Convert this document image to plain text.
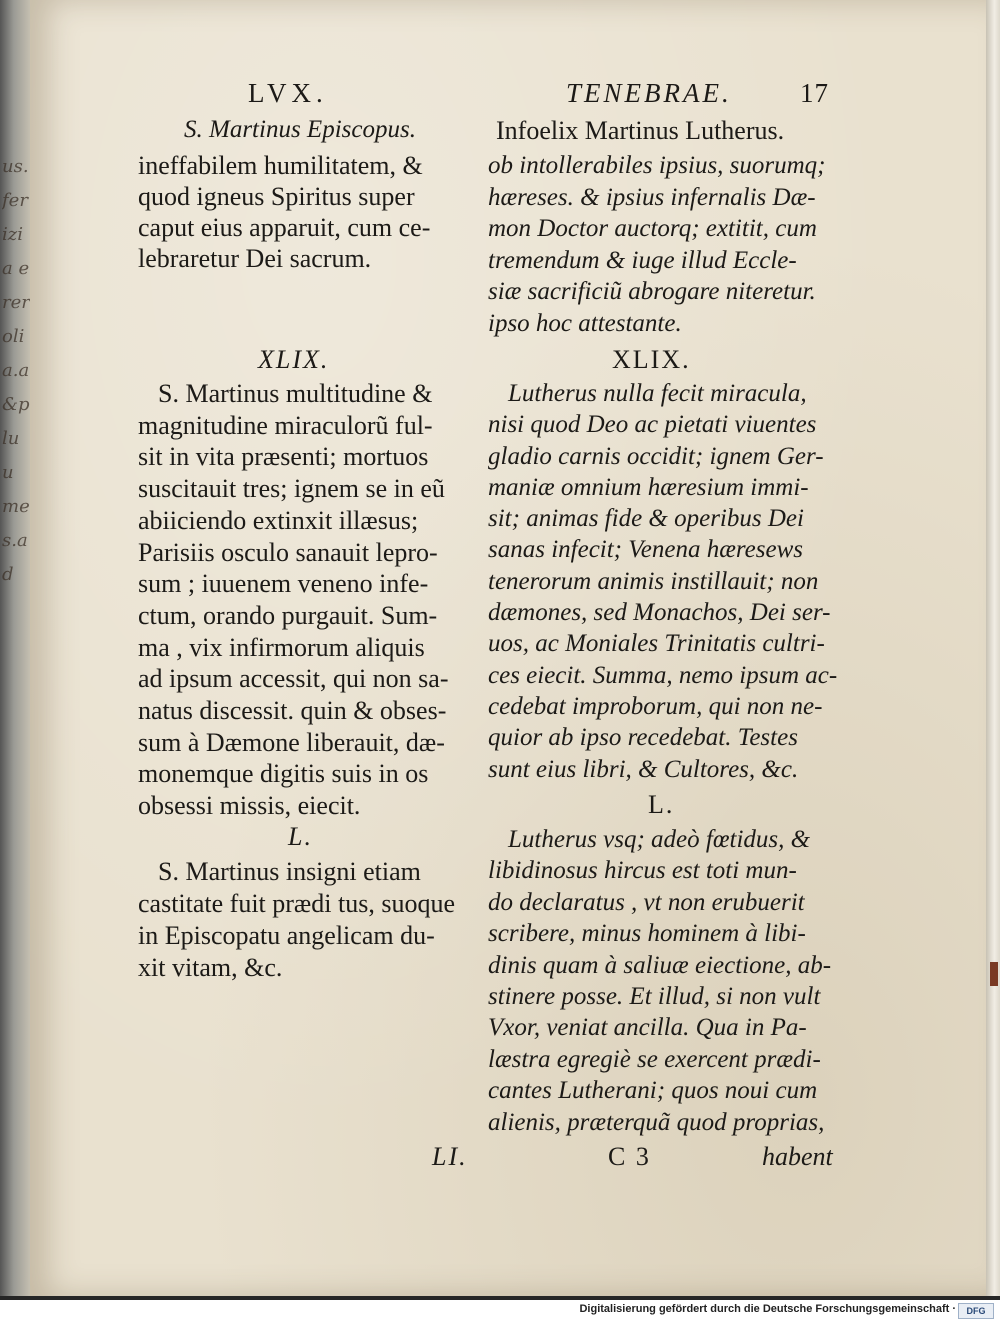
us.ferizia ererolia.a &plu umes.ad
LVX.	TENEBRAE.	17
S. Martinus Episcopus.	Infoelix Martinus Lutherus.

ineffabilem humilitatem, &

quod igneus Spiritus super

caput eius apparuit, cum ce-

lebraretur Dei sacrum.

XLIX.

S. Martinus multitudine &

magnitudine miraculorũ ful-

sit in vita præsenti; mortuos

suscitauit tres; ignem se in eũ

abiiciendo extinxit illæsus;

Parisiis osculo sanauit lepro-

sum ; iuuenem veneno infe-

ctum, orando purgauit. Sum-

ma , vix infirmorum aliquis

ad ipsum accessit, qui non sa-

natus discessit. quin & obses-

sum à Dæmone liberauit, dæ-

monemque digitis suis in os

obsessi missis, eiecit.

L.

S. Martinus insigni etiam

castitate fuit prædi tus, suoque

in Episcopatu angelicam du-

xit vitam, &c.

LI.

ob intollerabiles ipsius, suorumq;

hæreses. & ipsius infernalis Dæ-

mon Doctor auctorq; extitit, cum

tremendum & iuge illud Eccle-

siæ sacrificiũ abrogare niteretur.

ipso hoc attestante.

XLIX.

Lutherus nulla fecit miracula,

nisi quod Deo ac pietati viuentes

gladio carnis occidit; ignem Ger-

maniæ omnium hæresium immi-

sit; animas fide & operibus Dei

sanas infecit; Venena hæresews

tenerorum animis instillauit; non

dæmones, sed Monachos, Dei ser-

uos, ac Moniales Trinitatis cultri-

ces eiecit. Summa, nemo ipsum ac-

cedebat improborum, qui non ne-

quior ab ipso recedebat. Testes

sunt eius libri, & Cultores, &c.

L.

Lutherus vsq; adeò fœtidus, &

libidinosus hircus est toti mun-

do declaratus , vt non erubuerit

scribere, minus hominem à libi-

dinis quam à saliuæ eiectione, ab-

stinere posse. Et illud, si non vult

Vxor, veniat ancilla. Qua in Pa-

læstra egregiè se exercent prædi-

cantes Lutherani; quos noui cum

alienis, præterquã quod proprias,

C 3	habent
Digitalisierung gefördert durch die Deutsche Forschungsgemeinschaft ·	DFG
